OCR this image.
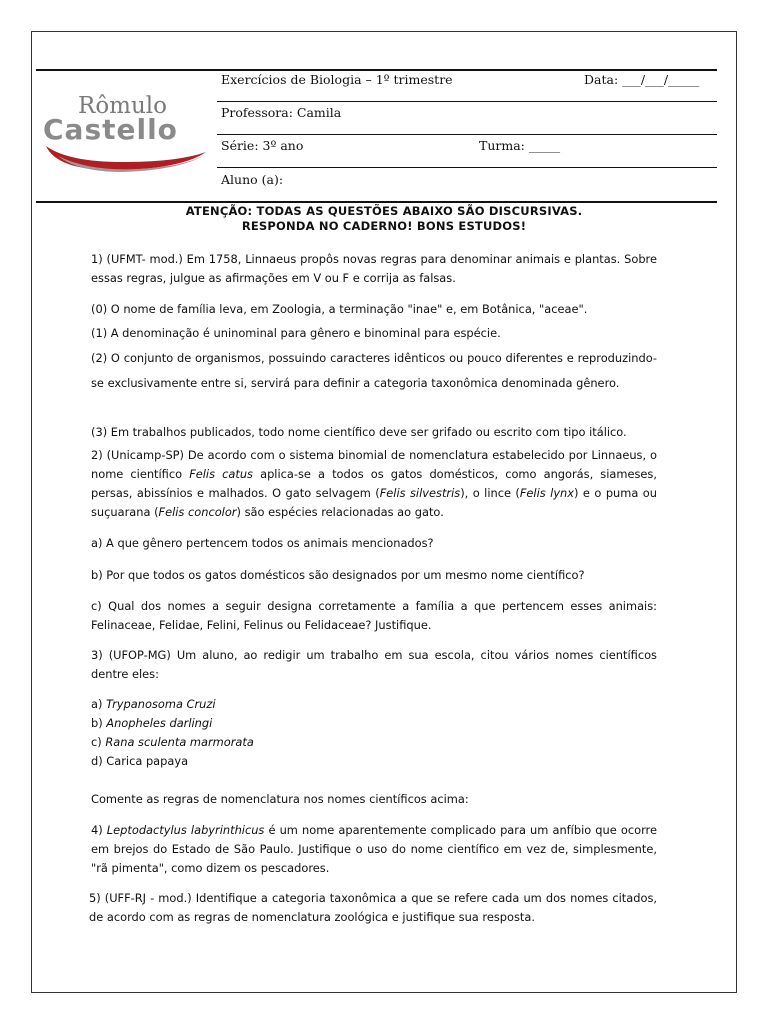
Rômulo
Castello
Exercícios de Biologia – 1º trimestre	Data: ___/___/_____
Professora: Camila
Série: 3º ano	Turma: _____
Aluno (a):
ATENÇÃO: TODAS AS QUESTÕES ABAIXO SÃO DISCURSIVAS.
RESPONDA NO CADERNO! BONS ESTUDOS!
1) (UFMT- mod.) Em 1758, Linnaeus propôs novas regras para denominar animais e plantas. Sobre essas regras, julgue as afirmações em V ou F e corrija as falsas.
(0) O nome de família leva, em Zoologia, a terminação "inae" e, em Botânica, "aceae".
(1) A denominação é uninominal para gênero e binominal para espécie.
(2) O conjunto de organismos, possuindo caracteres idênticos ou pouco diferentes e reproduzindo-se exclusivamente entre si, servirá para definir a categoria taxonômica denominada gênero.
(3) Em trabalhos publicados, todo nome científico deve ser grifado ou escrito com tipo itálico.
2) (Unicamp-SP) De acordo com o sistema binomial de nomenclatura estabelecido por Linnaeus, o nome científico Felis catus aplica-se a todos os gatos domésticos, como angorás, siameses, persas, abissínios e malhados. O gato selvagem (Felis silvestris), o lince (Felis lynx) e o puma ou suçuarana (Felis concolor) são espécies relacionadas ao gato.
a) A que gênero pertencem todos os animais mencionados?
b) Por que todos os gatos domésticos são designados por um mesmo nome científico?
c) Qual dos nomes a seguir designa corretamente a família a que pertencem esses animais: Felinaceae, Felidae, Felini, Felinus ou Felidaceae? Justifique.
3) (UFOP-MG) Um aluno, ao redigir um trabalho em sua escola, citou vários nomes científicos dentre eles:
a) Trypanosoma Cruzi
b) Anopheles darlingi
c) Rana sculenta marmorata
d) Carica papaya
Comente as regras de nomenclatura nos nomes científicos acima:
4) Leptodactylus labyrinthicus é um nome aparentemente complicado para um anfíbio que ocorre em brejos do Estado de São Paulo. Justifique o uso do nome científico em vez de, simplesmente, "rã pimenta", como dizem os pescadores.
5) (UFF-RJ - mod.) Identifique a categoria taxonômica a que se refere cada um dos nomes citados, de acordo com as regras de nomenclatura zoológica e justifique sua resposta.
